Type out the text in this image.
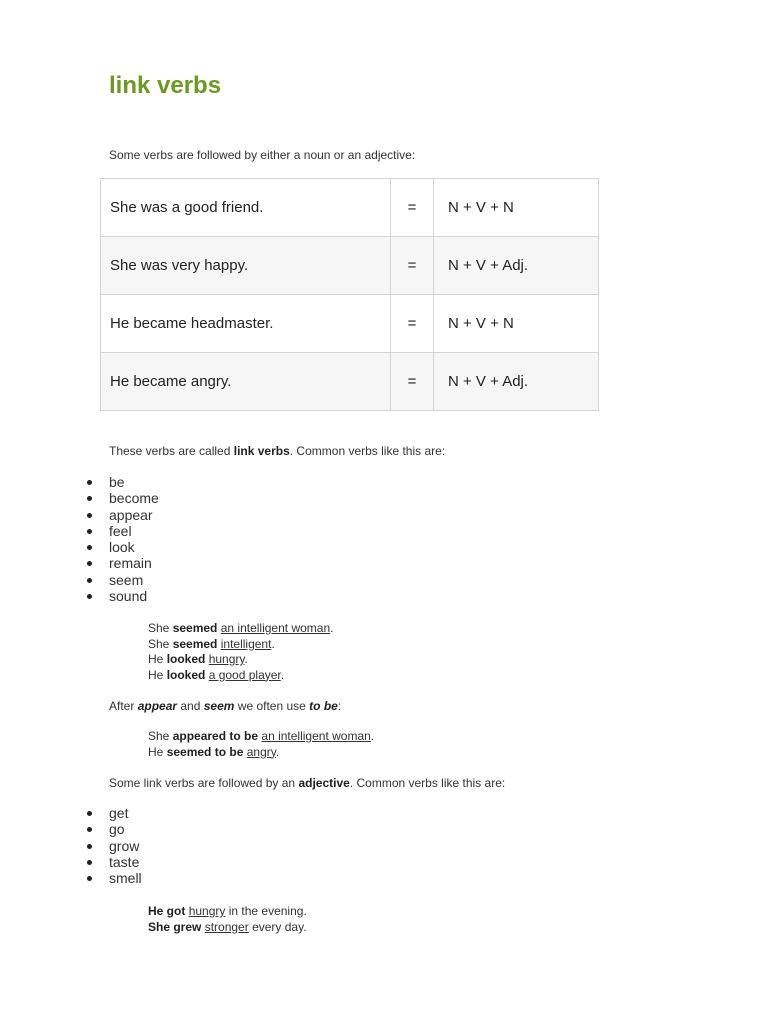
link verbs

Some verbs are followed by either a noun or an adjective:

She was a good friend.	=	N + V + N
She was very happy.	=	N + V + Adj.
He became headmaster.	=	N + V + N
He became angry.	=	N + V + Adj.

These verbs are called link verbs. Common verbs like this are:

be
become
appear
feel
look
remain
seem
sound
She seemed an intelligent woman.
She seemed intelligent.
He looked hungry.
He looked a good player.

After appear and seem we often use to be:

She appeared to be an intelligent woman.
He seemed to be angry.

Some link verbs are followed by an adjective. Common verbs like this are:

get
go
grow
taste
smell
He got hungry in the evening.
She grew stronger every day.
